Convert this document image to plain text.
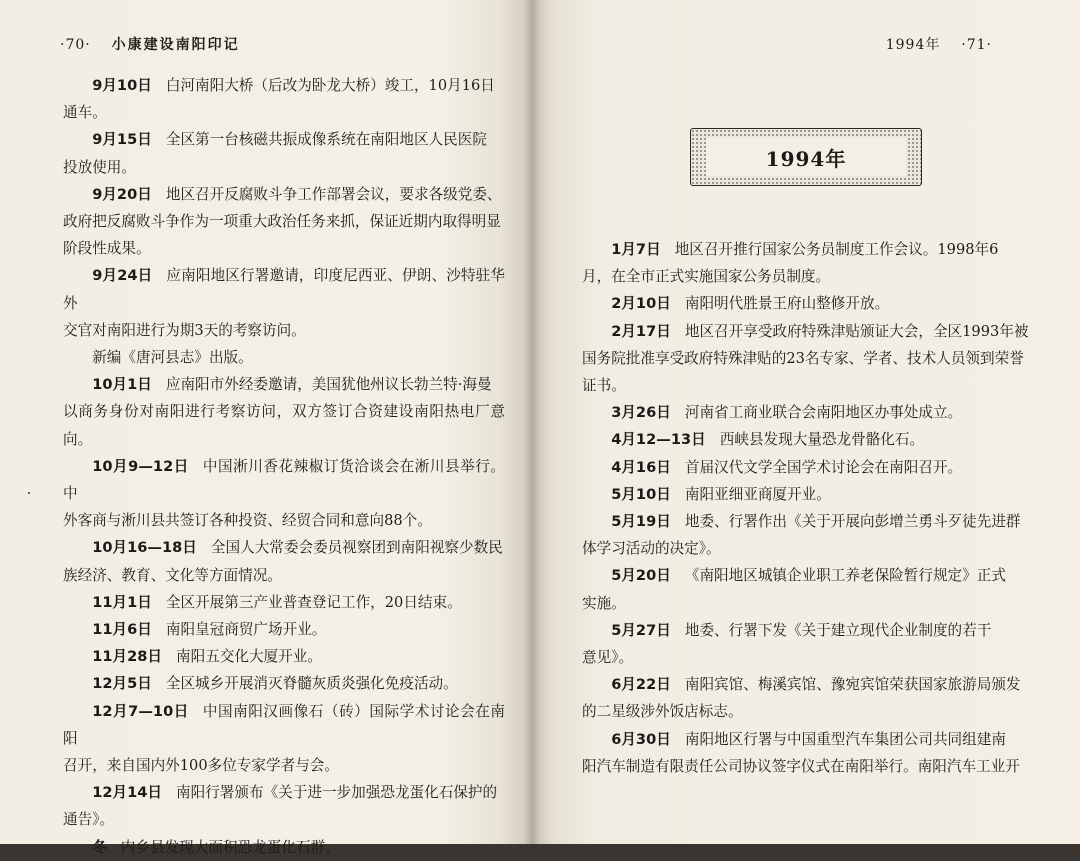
·70· 小康建设南阳印记
9月10日 白河南阳大桥（后改为卧龙大桥）竣工，10月16日
通车。
9月15日 全区第一台核磁共振成像系统在南阳地区人民医院
投放使用。
9月20日 地区召开反腐败斗争工作部署会议，要求各级党委、
政府把反腐败斗争作为一项重大政治任务来抓，保证近期内取得明显
阶段性成果。
9月24日 应南阳地区行署邀请，印度尼西亚、伊朗、沙特驻华外
交官对南阳进行为期3天的考察访问。
新编《唐河县志》出版。
10月1日 应南阳市外经委邀请，美国犹他州议长勃兰特·海曼
以商务身份对南阳进行考察访问，双方签订合资建设南阳热电厂意向。
10月9—12日 中国淅川香花辣椒订货洽谈会在淅川县举行。中
外客商与淅川县共签订各种投资、经贸合同和意向88个。
10月16—18日 全国人大常委会委员视察团到南阳视察少数民
族经济、教育、文化等方面情况。
11月1日 全区开展第三产业普查登记工作，20日结束。
11月6日 南阳皇冠商贸广场开业。
11月28日 南阳五交化大厦开业。
12月5日 全区城乡开展消灭脊髓灰质炎强化免疫活动。
12月7—10日 中国南阳汉画像石（砖）国际学术讨论会在南阳
召开，来自国内外100多位专家学者与会。
12月14日 南阳行署颁布《关于进一步加强恐龙蛋化石保护的
通告》。
冬 内乡县发现大面积恐龙蛋化石群。
1994年 ·71·
1994年
1月7日 地区召开推行国家公务员制度工作会议。1998年6
月，在全市正式实施国家公务员制度。
2月10日 南阳明代胜景王府山整修开放。
2月17日 地区召开享受政府特殊津贴颁证大会，全区1993年被
国务院批准享受政府特殊津贴的23名专家、学者、技术人员领到荣誉
证书。
3月26日 河南省工商业联合会南阳地区办事处成立。
4月12—13日 西峡县发现大量恐龙骨骼化石。
4月16日 首届汉代文学全国学术讨论会在南阳召开。
5月10日 南阳亚细亚商厦开业。
5月19日 地委、行署作出《关于开展向彭增兰勇斗歹徒先进群
体学习活动的决定》。
5月20日 《南阳地区城镇企业职工养老保险暂行规定》正式
实施。
5月27日 地委、行署下发《关于建立现代企业制度的若干
意见》。
6月22日 南阳宾馆、梅溪宾馆、豫宛宾馆荣获国家旅游局颁发
的二星级涉外饭店标志。
6月30日 南阳地区行署与中国重型汽车集团公司共同组建南
阳汽车制造有限责任公司协议签字仪式在南阳举行。南阳汽车工业开
